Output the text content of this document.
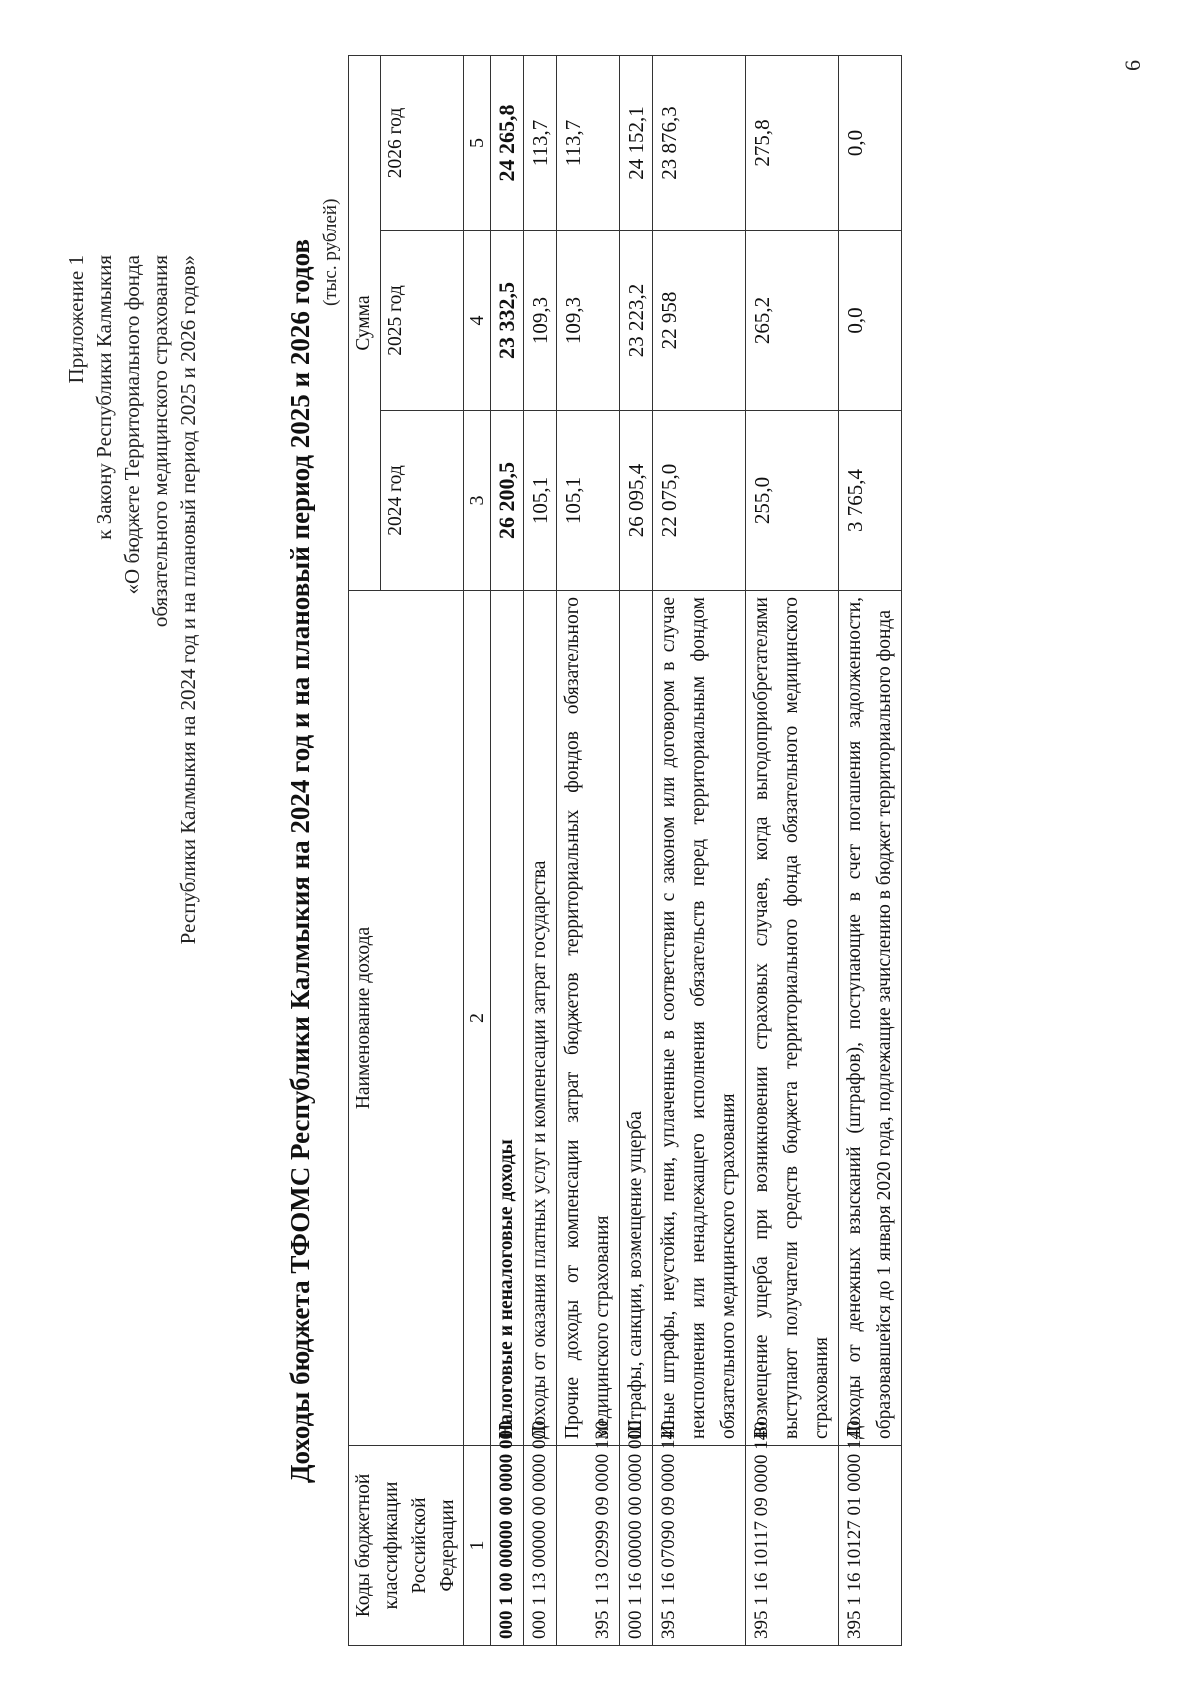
Приложение 1 к Закону Республики Калмыкия «О бюджете Территориального фонда обязательного медицинского страхования Республики Калмыкия на 2024 год и на плановый период 2025 и 2026 годов»	Доходы бюджета ТФОМС Республики Калмыкия на 2024 год и на плановый период 2025 и 2026 годов (тыс. рублей)
Коды бюджетной классификации Российской Федерации	Наименование дохода	Сумма		
		2024 год	2025 год	2026 год
1	2	3	4	5
000 1 00 00000 00 0000 000	Налоговые и неналоговые доходы	26 200,5	23 332,5	24 265,8
000 1 13 00000 00 0000 000	Доходы от оказания платных услуг и компенсации затрат государства	105,1	109,3	113,7
395 1 13 02999 09 0000 130	Прочие доходы от компенсации затрат бюджетов территориальных фондов обязательного медицинского страхования	105,1	109,3	113,7
000 1 16 00000 00 0000 000	Штрафы, санкции, возмещение ущерба	26 095,4	23 223,2	24 152,1
395 1 16 07090 09 0000 140	Иные штрафы, неустойки, пени, уплаченные в соответствии с законом или договором в случае неисполнения или ненадлежащего исполнения обязательств перед территориальным фондом обязательного медицинского страхования	22 075,0	22 958	23 876,3
395 1 16 10117 09 0000 140	Возмещение ущерба при возникновении страховых случаев, когда выгодоприобретателями выступают получатели средств бюджета территориального фонда обязательного медицинского страхования	255,0	265,2	275,8
395 1 16 10127 01 0000 140	Доходы от денежных взысканий (штрафов), поступающие в счет погашения задолженности, образовавшейся до 1 января 2020 года, подлежащие зачислению в бюджет территориального фонда	3 765,4	0,0	0,0
6
